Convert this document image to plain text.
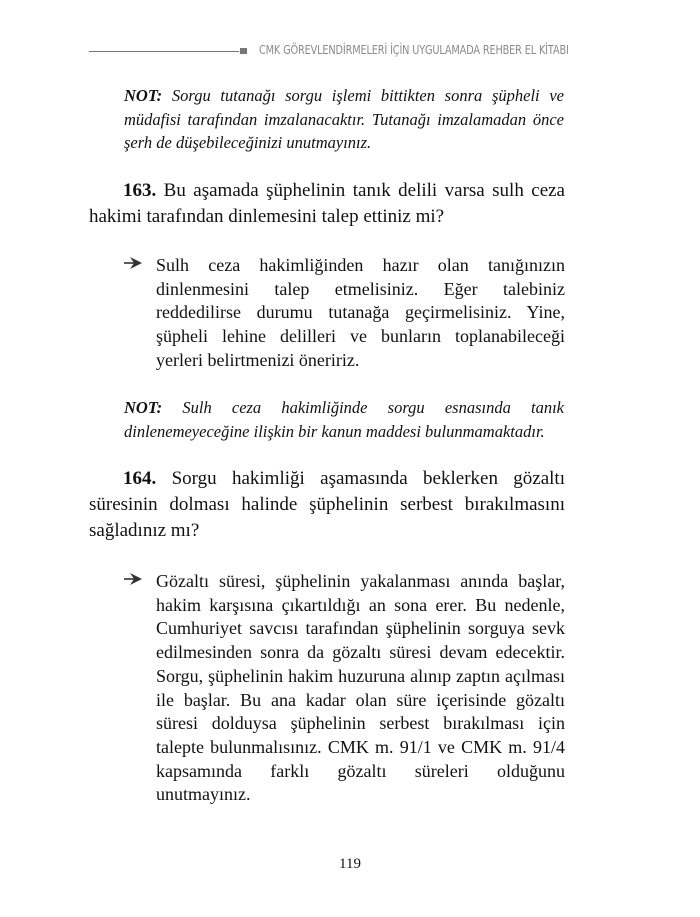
CMK GÖREVLENDİRMELERİ İÇİN UYGULAMADA REHBER EL KİTABI
NOT: Sorgu tutanağı sorgu işlemi bittikten sonra şüpheli ve müdafisi tarafından imzalanacaktır. Tutanağı imzalamadan önce şerh de düşebileceğinizi unutmayınız.
163. Bu aşamada şüphelinin tanık delili varsa sulh ceza hakimi tarafından dinlemesini talep ettiniz mi?
Sulh ceza hakimliğinden hazır olan tanığınızın dinlenmesini talep etmelisiniz. Eğer talebiniz reddedilirse durumu tutanağa geçirmelisiniz. Yine, şüpheli lehine delilleri ve bunların toplanabileceği yerleri belirtmenizi öneririz.
NOT: Sulh ceza hakimliğinde sorgu esnasında tanık dinlenemeyeceğine ilişkin bir kanun maddesi bulunmamaktadır.
164. Sorgu hakimliği aşamasında beklerken gözaltı süresinin dolması halinde şüphelinin serbest bırakılmasını sağladınız mı?
Gözaltı süresi, şüphelinin yakalanması anında başlar, hakim karşısına çıkartıldığı an sona erer. Bu nedenle, Cumhuriyet savcısı tarafından şüphelinin sorguya sevk edilmesinden sonra da gözaltı süresi devam edecektir. Sorgu, şüphelinin hakim huzuruna alınıp zaptın açılması ile başlar. Bu ana kadar olan süre içerisinde gözaltı süresi dolduysa şüphelinin serbest bırakılması için talepte bulunmalısınız. CMK m. 91/1 ve CMK m. 91/4 kapsamında farklı gözaltı süreleri olduğunu unutmayınız.
119
